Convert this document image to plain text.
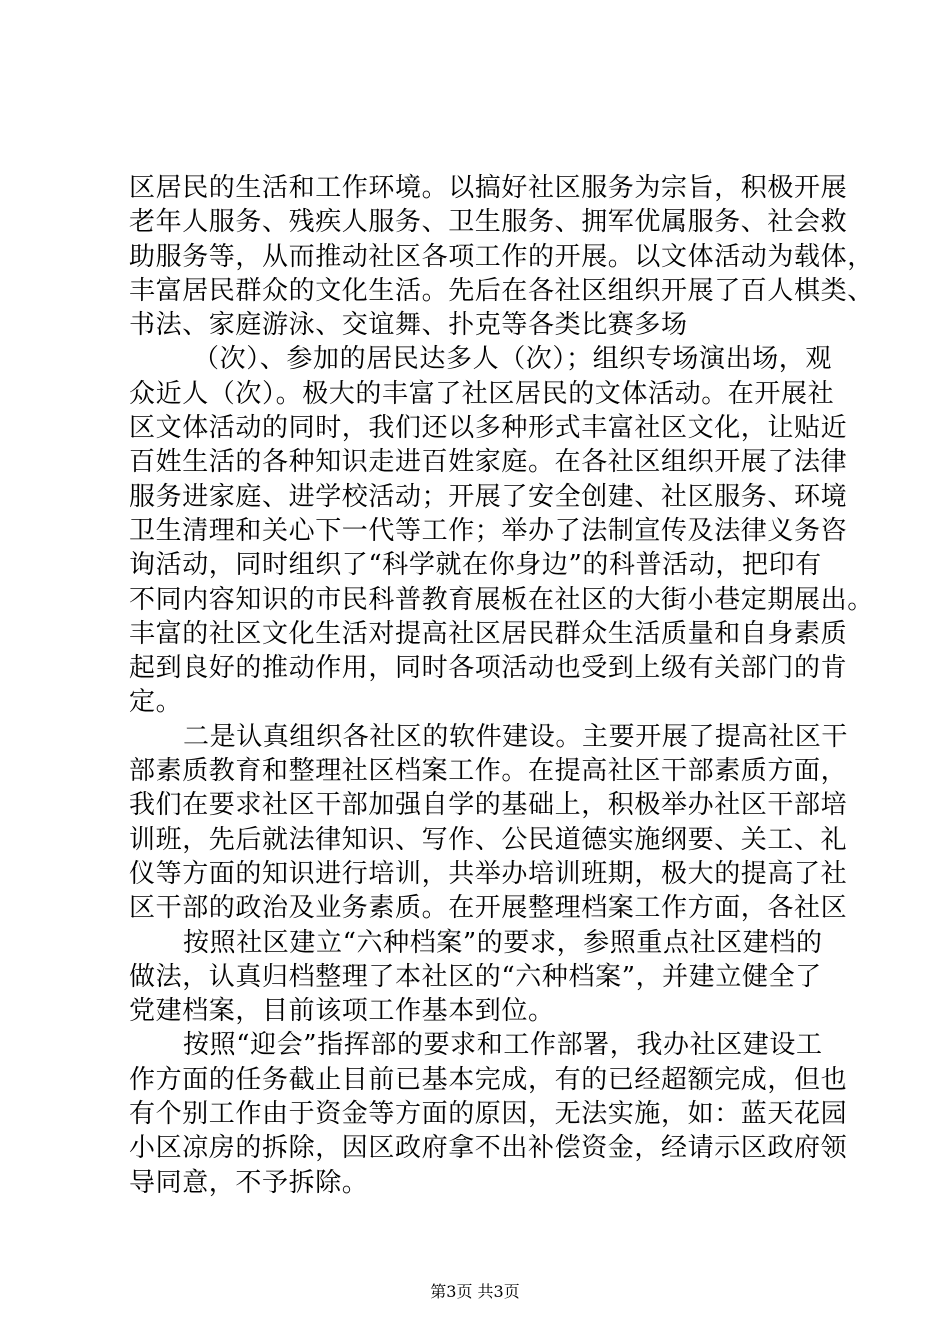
区居民的生活和工作环境。以搞好社区服务为宗旨，积极开展
老年人服务、残疾人服务、卫生服务、拥军优属服务、社会救
助服务等，从而推动社区各项工作的开展。以文体活动为载体，
丰富居民群众的文化生活。先后在各社区组织开展了百人棋类、
书法、家庭游泳、交谊舞、扑克等各类比赛多场
（次）、参加的居民达多人（次）；组织专场演出场，观
众近人（次）。极大的丰富了社区居民的文体活动。在开展社
区文体活动的同时，我们还以多种形式丰富社区文化，让贴近
百姓生活的各种知识走进百姓家庭。在各社区组织开展了法律
服务进家庭、进学校活动；开展了安全创建、社区服务、环境
卫生清理和关心下一代等工作；举办了法制宣传及法律义务咨
询活动，同时组织了“科学就在你身边”的科普活动，把印有
不同内容知识的市民科普教育展板在社区的大街小巷定期展出。
丰富的社区文化生活对提高社区居民群众生活质量和自身素质
起到良好的推动作用，同时各项活动也受到上级有关部门的肯
定。
二是认真组织各社区的软件建设。主要开展了提高社区干
部素质教育和整理社区档案工作。在提高社区干部素质方面，
我们在要求社区干部加强自学的基础上，积极举办社区干部培
训班，先后就法律知识、写作、公民道德实施纲要、关工、礼
仪等方面的知识进行培训，共举办培训班期，极大的提高了社
区干部的政治及业务素质。在开展整理档案工作方面，各社区
按照社区建立“六种档案”的要求，参照重点社区建档的
做法，认真归档整理了本社区的“六种档案”，并建立健全了
党建档案，目前该项工作基本到位。
按照“迎会”指挥部的要求和工作部署，我办社区建设工
作方面的任务截止目前已基本完成，有的已经超额完成，但也
有个别工作由于资金等方面的原因，无法实施，如：蓝天花园
小区凉房的拆除，因区政府拿不出补偿资金，经请示区政府领
导同意，不予拆除。
第3页 共3页
